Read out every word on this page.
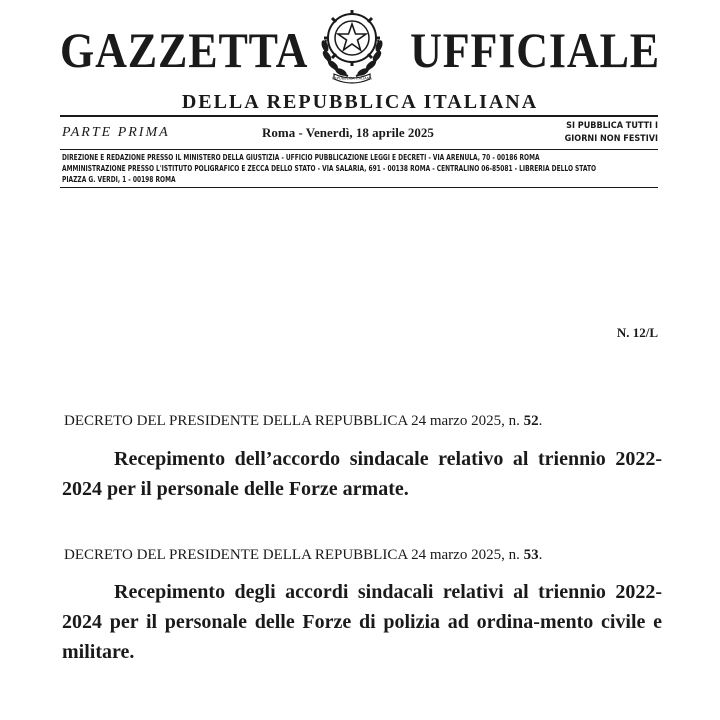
GAZZETTA
REPUBBLICA ITALIANA
UFFICIALE
DELLA REPUBBLICA ITALIANA
PARTE PRIMA	Roma - Venerdì, 18 aprile 2025	SI PUBBLICA TUTTI I
GIORNI NON FESTIVI
DIREZIONE E REDAZIONE PRESSO IL MINISTERO DELLA GIUSTIZIA - UFFICIO PUBBLICAZIONE LEGGI E DECRETI - VIA ARENULA, 70 - 00186 ROMA
AMMINISTRAZIONE PRESSO L'ISTITUTO POLIGRAFICO E ZECCA DELLO STATO - VIA SALARIA, 691 - 00138 ROMA - CENTRALINO 06-85081 - LIBRERIA DELLO STATO
PIAZZA G. VERDI, 1 - 00198 ROMA
N. 12/L
DECRETO DEL PRESIDENTE DELLA REPUBBLICA 24 marzo 2025, n. 52.
Recepimento dell’accordo sindacale relativo al triennio 2022-2024 per il personale delle Forze armate.
DECRETO DEL PRESIDENTE DELLA REPUBBLICA 24 marzo 2025, n. 53.
Recepimento degli accordi sindacali relativi al triennio 2022-2024 per il personale delle Forze di polizia ad ordina-mento civile e militare.
